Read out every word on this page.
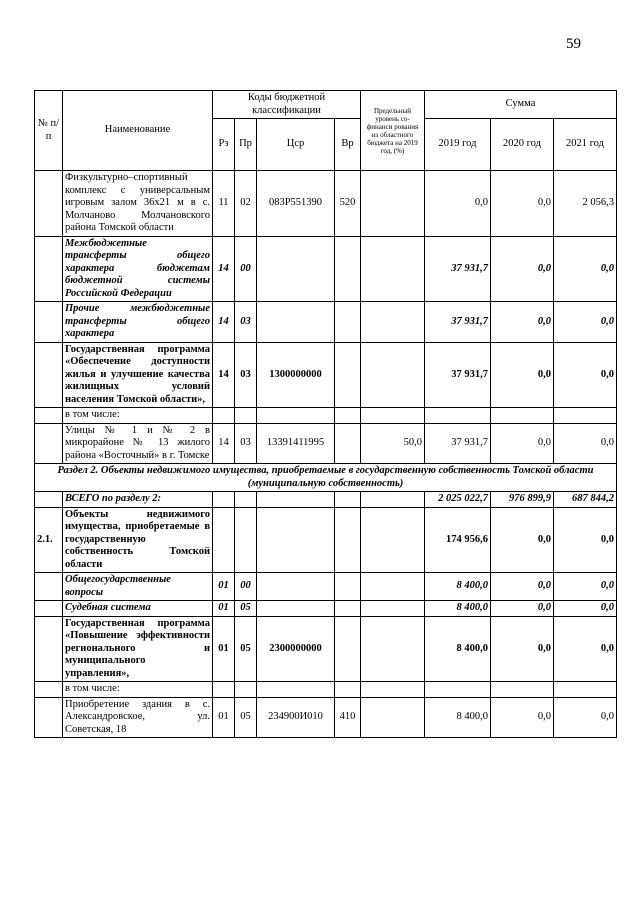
59
№ п/п	Наименование	Коды бюджетной классификации				Предельный уровень со-финанси рования из областного бюджета на 2019 год, (%)	Сумма		
		Рз	Пр	Цср	Вр		2019 год	2020 год	2021 год
	Физкультурно–спортивный комплекс с универсальным игровым залом 36х21 м в с. Молчаново Молчановского района Томской области	11	02	083P551390	520		0,0	0,0	2 056,3
	Межбюджетные трансферты общего характера бюджетам бюджетной системы Российской Федерации	14	00				37 931,7	0,0	0,0
	Прочие межбюджетные трансферты общего характера	14	03				37 931,7	0,0	0,0
	Государственная программа «Обеспечение доступности жилья и улучшение качества жилищных условий населения Томской области»,	14	03	1300000000			37 931,7	0,0	0,0
	в том числе:								
	Улицы № 1 и № 2 в микрорайоне № 13 жилого района «Восточный» в г. Томске	14	03	13391411995		50,0	37 931,7	0,0	0,0
Раздел 2. Объекты недвижимого имущества, приобретаемые в государственную собственность Томской области (муниципальную собственность)									
	ВСЕГО по разделу 2:						2 025 022,7	976 899,9	687 844,2
2.1.	Объекты недвижимого имущества, приобретаемые в государственную собственность Томской области						174 956,6	0,0	0,0
	Общегосударственные вопросы	01	00				8 400,0	0,0	0,0
	Судебная система	01	05				8 400,0	0,0	0,0
	Государственная программа «Повышение эффективности регионального и муниципального управления»,	01	05	2300000000			8 400,0	0,0	0,0
	в том числе:								
	Приобретение здания в с. Александровское, ул. Советская, 18	01	05	234900И010	410		8 400,0	0,0	0,0
